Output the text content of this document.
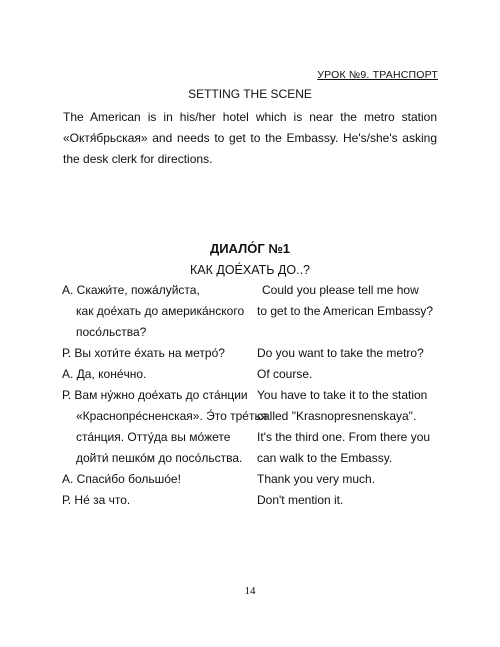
УРОК №9. ТРАНСПОРТ
SETTING THE SCENE
The American is in his/her hotel which is near the metro station «Октя́брьская» and needs to get to the Embassy. He's/she's asking the desk clerk for directions.
ДИАЛО́Г №1
КАК ДОЕ́ХАТЬ ДО..?
А. Скажи́те, пожа́луйста,
как дое́хать до америка́нского
посо́льства?
Р. Вы хоти́те е́хать на метро́?
А. Да, коне́чно.
Р. Вам ну́жно дое́хать до ста́нции
«Краснопре́сненская». Э́то тре́тья
ста́нция. Отту́да вы мо́жете
дойти́ пешко́м до посо́льства.
А. Спаси́бо большо́е!
Р. Не́ за что.
Could you please tell me how
to get to the American Embassy?
Do you want to take the metro?
Of course.
You have to take it to the station
called "Krasnopresnenskaya".
It's the third one. From there you
can walk to the Embassy.
Thank you very much.
Don't mention it.
14
